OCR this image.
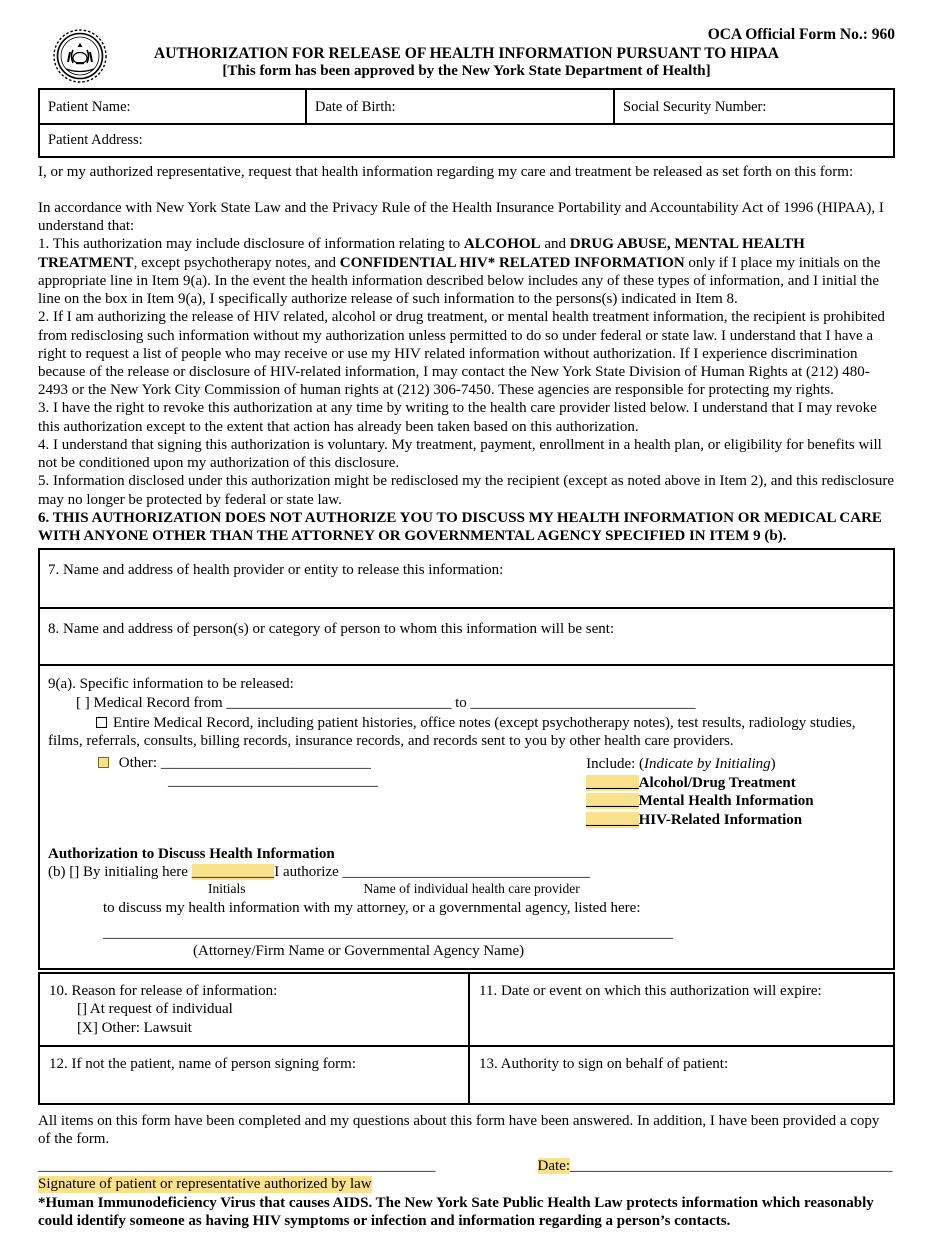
OCA Official Form No.: 960
AUTHORIZATION FOR RELEASE OF HEALTH INFORMATION PURSUANT TO HIPAA
[This form has been approved by the New York State Department of Health]
Patient Name:	Date of Birth:	Social Security Number:
Patient Address:

I, or my authorized representative, request that health information regarding my care and treatment be released as set forth on this form:

In accordance with New York State Law and the Privacy Rule of the Health Insurance Portability and Accountability Act of 1996 (HIPAA), I understand that:

1. This authorization may include disclosure of information relating to ALCOHOL and DRUG ABUSE, MENTAL HEALTH TREATMENT, except psychotherapy notes, and CONFIDENTIAL HIV* RELATED INFORMATION only if I place my initials on the appropriate line in Item 9(a). In the event the health information described below includes any of these types of information, and I initial the line on the box in Item 9(a), I specifically authorize release of such information to the persons(s) indicated in Item 8.

2. If I am authorizing the release of HIV related, alcohol or drug treatment, or mental health treatment information, the recipient is prohibited from redisclosing such information without my authorization unless permitted to do so under federal or state law. I understand that I have a right to request a list of people who may receive or use my HIV related information without authorization. If I experience discrimination because of the release or disclosure of HIV-related information, I may contact the New York State Division of Human Rights at (212) 480-2493 or the New York City Commission of human rights at (212) 306-7450. These agencies are responsible for protecting my rights.

3. I have the right to revoke this authorization at any time by writing to the health care provider listed below. I understand that I may revoke this authorization except to the extent that action has already been taken based on this authorization.

4. I understand that signing this authorization is voluntary. My treatment, payment, enrollment in a health plan, or eligibility for benefits will not be conditioned upon my authorization of this disclosure.

5. Information disclosed under this authorization might be redisclosed my the recipient (except as noted above in Item 2), and this redisclosure may no longer be protected by federal or state law.

6. THIS AUTHORIZATION DOES NOT AUTHORIZE YOU TO DISCUSS MY HEALTH INFORMATION OR MEDICAL CARE WITH ANYONE OTHER THAN THE ATTORNEY OR GOVERNMENTAL AGENCY SPECIFIED IN ITEM 9 (b).

7. Name and address of health provider or entity to release this information:
8. Name and address of person(s) or category of person to whom this information will be sent:
9(a). Specific information to be released:
[ ] Medical Record from ______________________________ to ______________________________

Entire Medical Record, including patient histories, office notes (except psychotherapy notes), test results, radiology studies, films, referrals, consults, billing records, insurance records, and records sent to you by other health care providers.

Other: ____________________________
____________________________
Include: (Indicate by Initialing)
_______Alcohol/Drug Treatment
_______Mental Health Information
_______HIV-Related Information
Authorization to Discuss Health Information
(b) [] By initialing here ___________I authorize _________________________________
Initials	Name of individual health care provider
to discuss my health information with my attorney, or a governmental agency, listed here:
____________________________________________________________________________
(Attorney/Firm Name or Governmental Agency Name)
10. Reason for release of information:
[] At request of individual
[X] Other: Lawsuit	11. Date or event on which this authorization will expire:
12. If not the patient, name of person signing form:	13. Authority to sign on behalf of patient:

All items on this form have been completed and my questions about this form have been answered. In addition, I have been provided a copy of the form.

_____________________________________________________	Date:___________________________________________
Signature of patient or representative authorized by law

*Human Immunodeficiency Virus that causes AIDS. The New York Sate Public Health Law protects information which reasonably could identify someone as having HIV symptoms or infection and information regarding a person’s contacts.
